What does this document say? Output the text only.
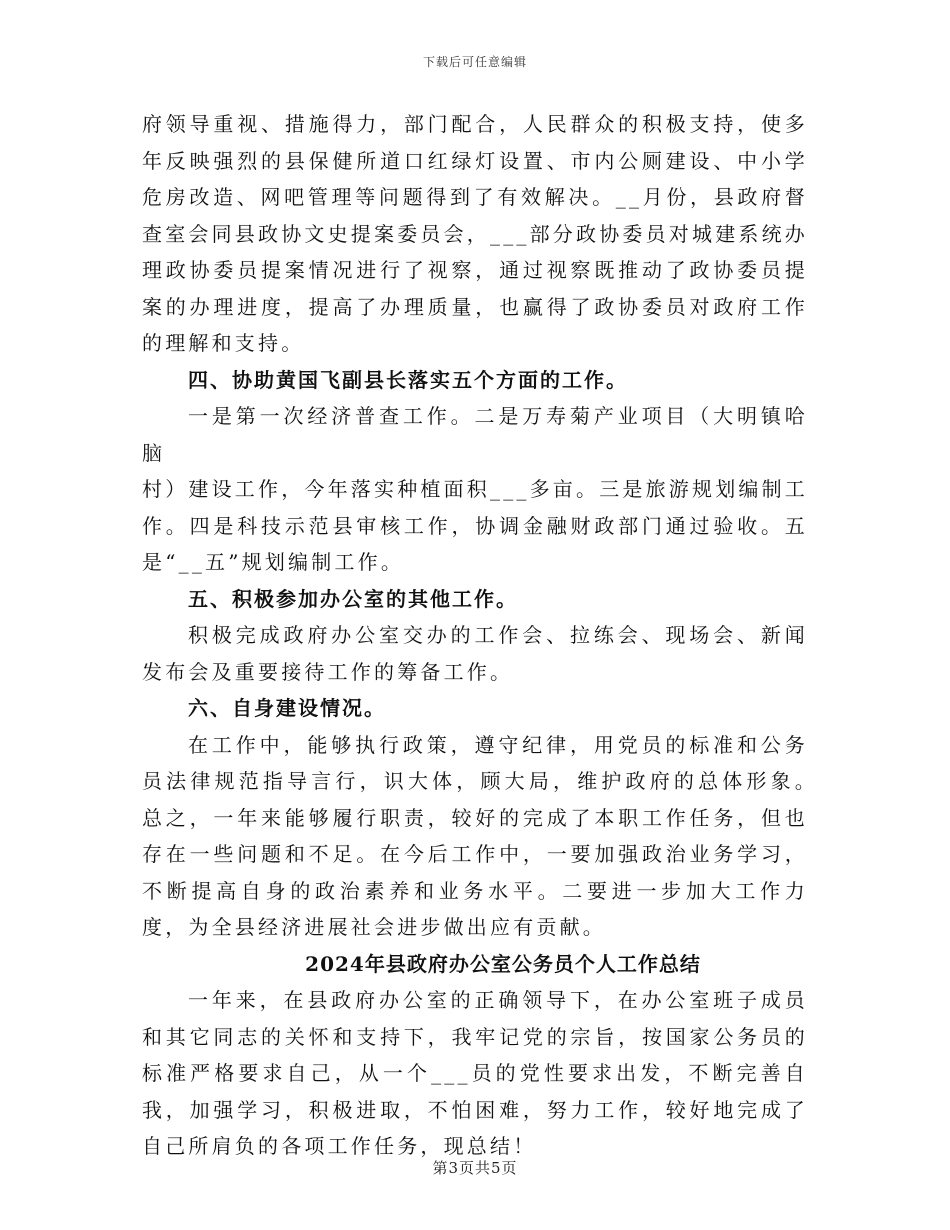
下载后可任意编辑

府领导重视、措施得力，部门配合，人民群众的积极支持，使多年反映强烈的县保健所道口红绿灯设置、市内公厕建设、中小学危房改造、网吧管理等问题得到了有效解决。__月份，县政府督查室会同县政协文史提案委员会，___部分政协委员对城建系统办理政协委员提案情况进行了视察，通过视察既推动了政协委员提案的办理进度，提高了办理质量，也赢得了政协委员对政府工作的理解和支持。

四、协助黄国飞副县长落实五个方面的工作。

一是第一次经济普查工作。二是万寿菊产业项目（大明镇哈脑

村）建设工作，今年落实种植面积___多亩。三是旅游规划编制工作。四是科技示范县审核工作，协调金融财政部门通过验收。五是“__五”规划编制工作。

五、积极参加办公室的其他工作。

积极完成政府办公室交办的工作会、拉练会、现场会、新闻发布会及重要接待工作的筹备工作。

六、自身建设情况。

在工作中，能够执行政策，遵守纪律，用党员的标准和公务员法律规范指导言行，识大体，顾大局，维护政府的总体形象。　总之，一年来能够履行职责，较好的完成了本职工作任务，但也存在一些问题和不足。在今后工作中，一要加强政治业务学习，不断提高自身的政治素养和业务水平。二要进一步加大工作力度，为全县经济进展社会进步做出应有贡献。

2024年县政府办公室公务员个人工作总结

一年来，在县政府办公室的正确领导下，在办公室班子成员和其它同志的关怀和支持下，我牢记党的宗旨，按国家公务员的标准严格要求自己，从一个___员的党性要求出发，不断完善自我，加强学习，积极进取，不怕困难，努力工作，较好地完成了自己所肩负的各项工作任务，现总结！

第3页共5页
